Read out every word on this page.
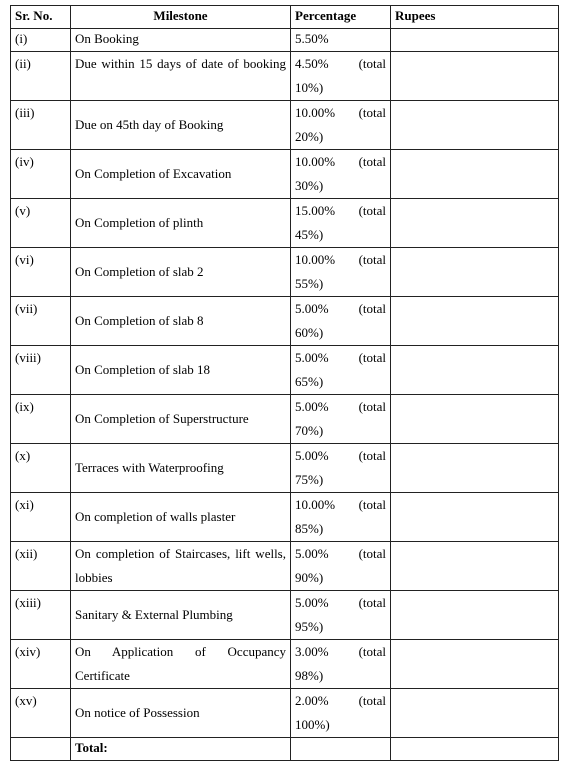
Sr. No.	Milestone	Percentage	Rupees
(i)	On Booking	5.50%	
(ii)	Due within 15 days of date of booking	4.50% (total
10%)	

(iii)	Due on 45th day of Booking	10.00% (total
20%)	

(iv)	On Completion of Excavation	10.00% (total
30%)	

(v)	On Completion of plinth	15.00% (total
45%)	

(vi)	On Completion of slab 2	10.00% (total
55%)	

(vii)	On Completion of slab 8	5.00% (total
60%)	

(viii)	On Completion of slab 18	5.00% (total
65%)	

(ix)	On Completion of Superstructure	5.00% (total
70%)	

(x)	Terraces with Waterproofing	5.00% (total
75%)	

(xi)	On completion of walls plaster	10.00% (total
85%)	

(xii)	On completion of Staircases, lift wells, lobbies	5.00% (total
90%)	

(xiii)	Sanitary & External Plumbing	5.00% (total
95%)	

(xiv)	On Application of Occupancy Certificate	3.00% (total
98%)	

(xv)	On notice of Possession	2.00% (total
100%)	

	Total:		
